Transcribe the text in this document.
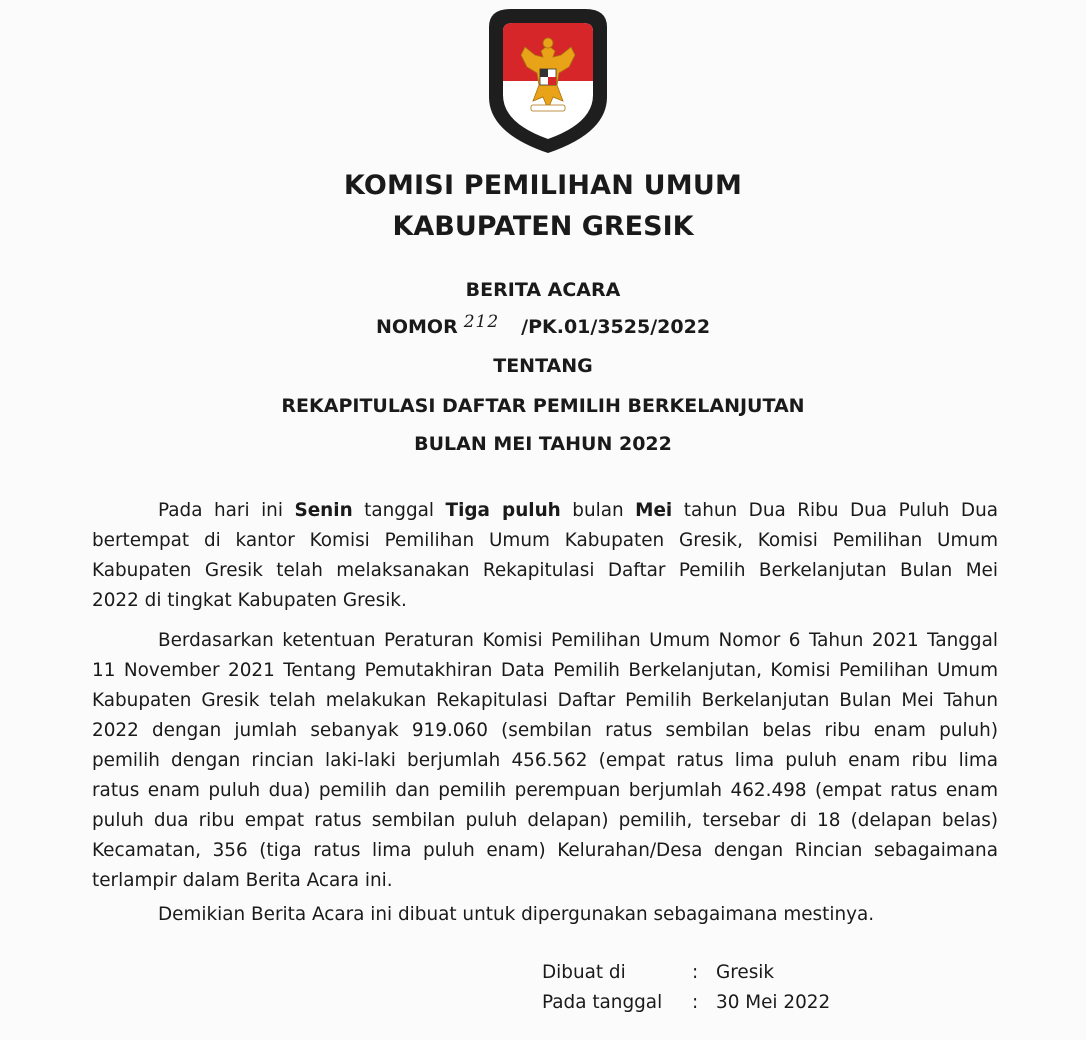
KOMISI PEMILIHAN UMUM
KABUPATEN GRESIK
BERITA ACARA
NOMOR 212 /PK.01/3525/2022
TENTANG
REKAPITULASI DAFTAR PEMILIH BERKELANJUTAN
BULAN MEI TAHUN 2022
Pada hari ini Senin tanggal Tiga puluh bulan Mei tahun Dua Ribu Dua Puluh Dua
bertempat di kantor Komisi Pemilihan Umum Kabupaten Gresik, Komisi Pemilihan Umum
Kabupaten Gresik telah melaksanakan Rekapitulasi Daftar Pemilih Berkelanjutan Bulan Mei
2022 di tingkat Kabupaten Gresik.
Berdasarkan ketentuan Peraturan Komisi Pemilihan Umum Nomor 6 Tahun 2021 Tanggal
11 November 2021 Tentang Pemutakhiran Data Pemilih Berkelanjutan, Komisi Pemilihan Umum
Kabupaten Gresik telah melakukan Rekapitulasi Daftar Pemilih Berkelanjutan Bulan Mei Tahun
2022 dengan jumlah sebanyak 919.060 (sembilan ratus sembilan belas ribu enam puluh)
pemilih dengan rincian laki-laki berjumlah 456.562 (empat ratus lima puluh enam ribu lima
ratus enam puluh dua) pemilih dan pemilih perempuan berjumlah 462.498 (empat ratus enam
puluh dua ribu empat ratus sembilan puluh delapan) pemilih, tersebar di 18 (delapan belas)
Kecamatan, 356 (tiga ratus lima puluh enam) Kelurahan/Desa dengan Rincian sebagaimana
terlampir dalam Berita Acara ini.
Demikian Berita Acara ini dibuat untuk dipergunakan sebagaimana mestinya.
Dibuat di	: Gresik
Pada tanggal : 30 Mei 2022
